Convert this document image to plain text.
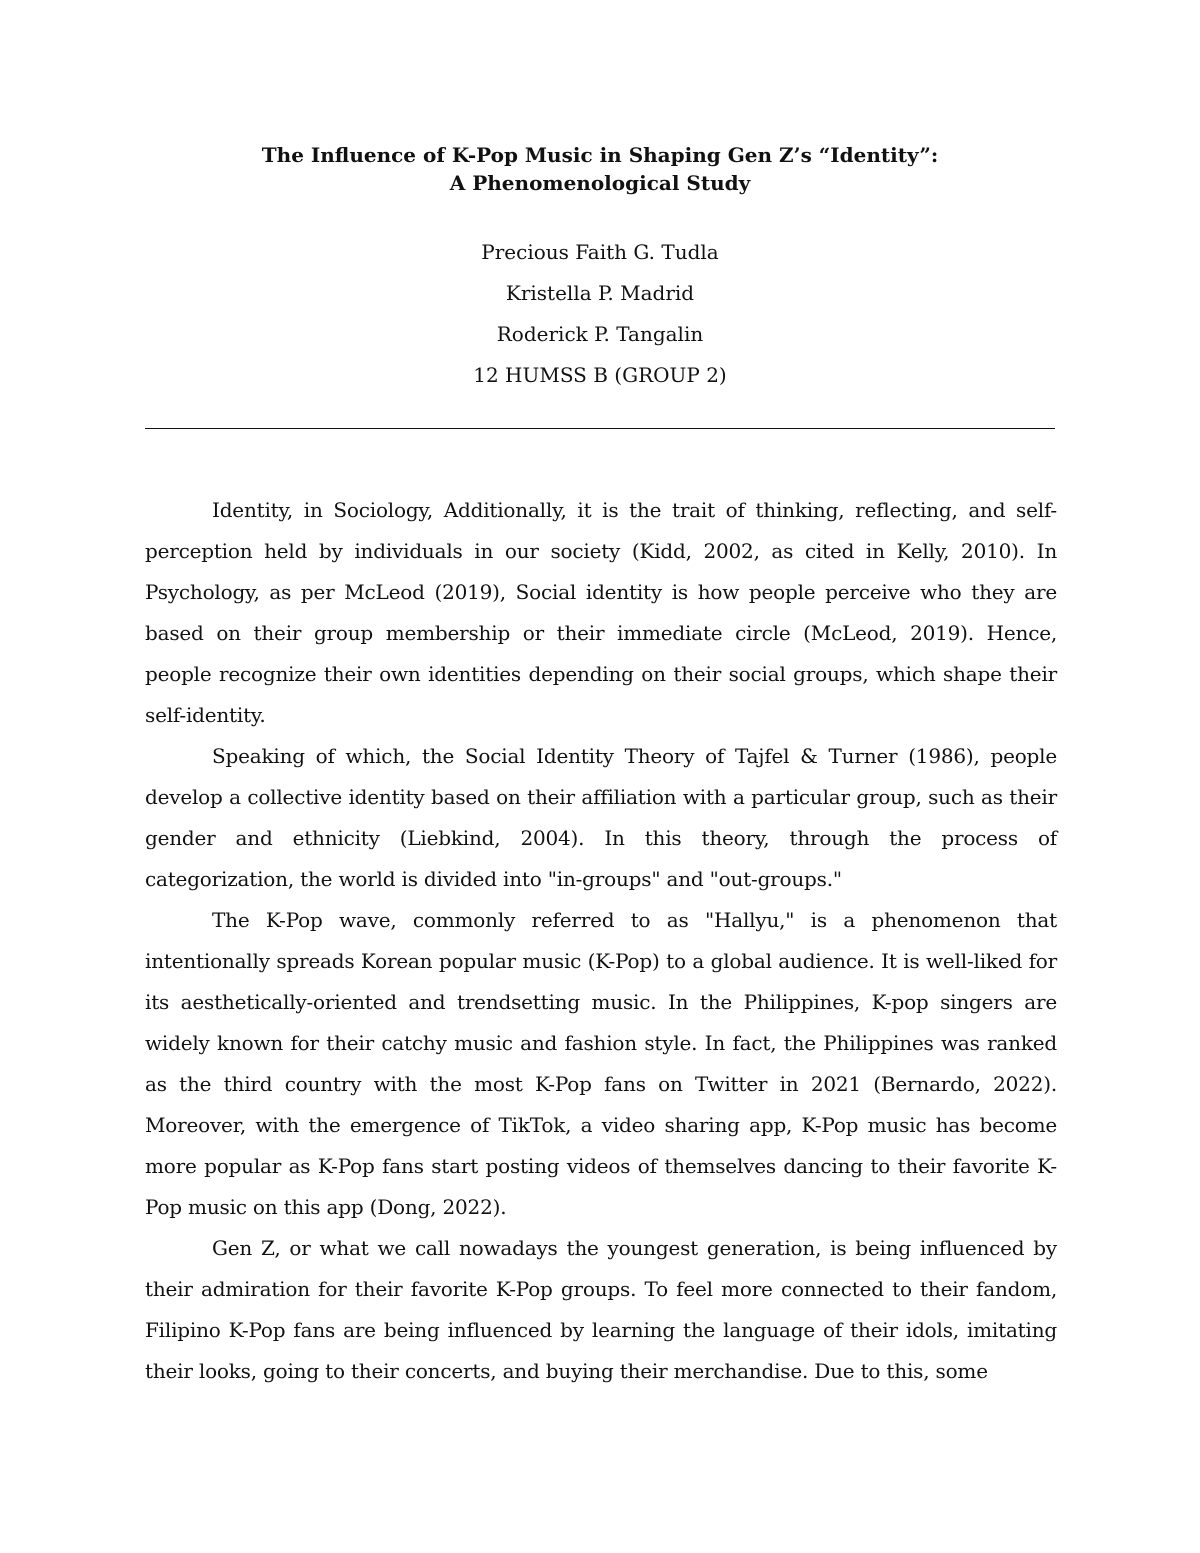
The Influence of K-Pop Music in Shaping Gen Z’s “Identity”:
A Phenomenological Study
Precious Faith G. Tudla
Kristella P. Madrid
Roderick P. Tangalin
12 HUMSS B (GROUP 2)

Identity, in Sociology, Additionally, it is the trait of thinking, reflecting, and self-perception held by individuals in our society (Kidd, 2002, as cited in Kelly, 2010). In Psychology, as per McLeod (2019), Social identity is how people perceive who they are based on their group membership or their immediate circle (McLeod, 2019). Hence, people recognize their own identities depending on their social groups, which shape their self-identity.

Speaking of which, the Social Identity Theory of Tajfel & Turner (1986), people develop a collective identity based on their affiliation with a particular group, such as their gender and ethnicity (Liebkind, 2004). In this theory, through the process of categorization, the world is divided into "in-groups" and "out-groups."

The K-Pop wave, commonly referred to as "Hallyu," is a phenomenon that intentionally spreads Korean popular music (K-Pop) to a global audience. It is well-liked for its aesthetically-oriented and trendsetting music. In the Philippines, K-pop singers are widely known for their catchy music and fashion style. In fact, the Philippines was ranked as the third country with the most K-Pop fans on Twitter in 2021 (Bernardo, 2022). Moreover, with the emergence of TikTok, a video sharing app, K-Pop music has become more popular as K-Pop fans start posting videos of themselves dancing to their favorite K-Pop music on this app (Dong, 2022).

Gen Z, or what we call nowadays the youngest generation, is being influenced by their admiration for their favorite K-Pop groups. To feel more connected to their fandom, Filipino K-Pop fans are being influenced by learning the language of their idols, imitating their looks, going to their concerts, and buying their merchandise. Due to this, some
